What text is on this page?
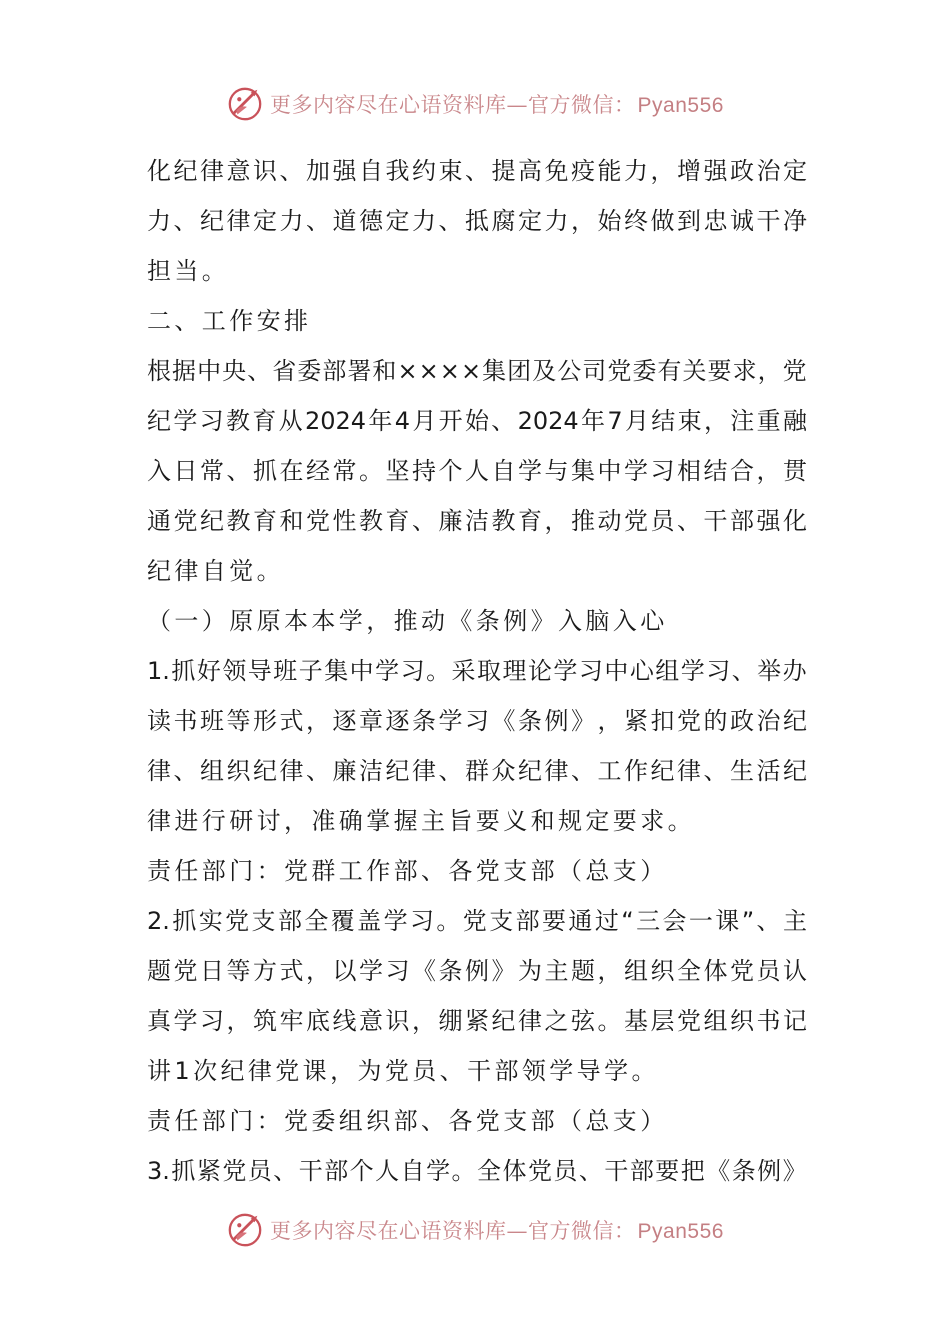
更多内容尽在心语资料库—官方微信： Pyan556
化 纪 律 意 识 、 加 强 自 我 约 束 、 提 高 免 疫 能 力 ， 增 强 政 治 定
力 、 纪 律 定 力 、 道 德 定 力 、 抵 腐 定 力 ， 始 终 做 到 忠 诚 干 净
担当。
二、工作安排
根 据 中 央 、 省 委 部 署 和 × × × × 集 团 及 公 司 党 委 有 关 要 求 ， 党
纪 学 习 教 育 从 2024 年 4 月 开 始 、 2024 年 7 月 结 束 ， 注 重 融
入 日 常 、 抓 在 经 常 。 坚 持 个 人 自 学 与 集 中 学 习 相 结 合 ， 贯
通 党 纪 教 育 和 党 性 教 育 、 廉 洁 教 育 ， 推 动 党 员 、 干 部 强 化
纪律自觉。
（一）原原本本学，推动《条例》入脑入心
1. 抓 好 领 导 班 子 集 中 学 习 。 采 取 理 论 学 习 中 心 组 学 习 、 举 办
读 书 班 等 形 式 ， 逐 章 逐 条 学 习 《 条 例 》 ， 紧 扣 党 的 政 治 纪
律 、 组 织 纪 律 、 廉 洁 纪 律 、 群 众 纪 律 、 工 作 纪 律 、 生 活 纪
律进行研讨，准确掌握主旨要义和规定要求。
责任部门：党群工作部、各党支部（总支）
2. 抓 实 党 支 部 全 覆 盖 学 习 。 党 支 部 要 通 过 “ 三 会 一 课 ” 、 主
题 党 日 等 方 式 ， 以 学 习 《 条 例 》 为 主 题 ， 组 织 全 体 党 员 认
真 学 习 ， 筑 牢 底 线 意 识 ， 绷 紧 纪 律 之 弦 。 基 层 党 组 织 书 记
讲1次纪律党课，为党员、干部领学导学。
责任部门：党委组织部、各党支部（总支）
3. 抓 紧 党 员 、 干 部 个 人 自 学 。 全 体 党 员 、 干 部 要 把 《 条 例 》
更多内容尽在心语资料库—官方微信： Pyan556
